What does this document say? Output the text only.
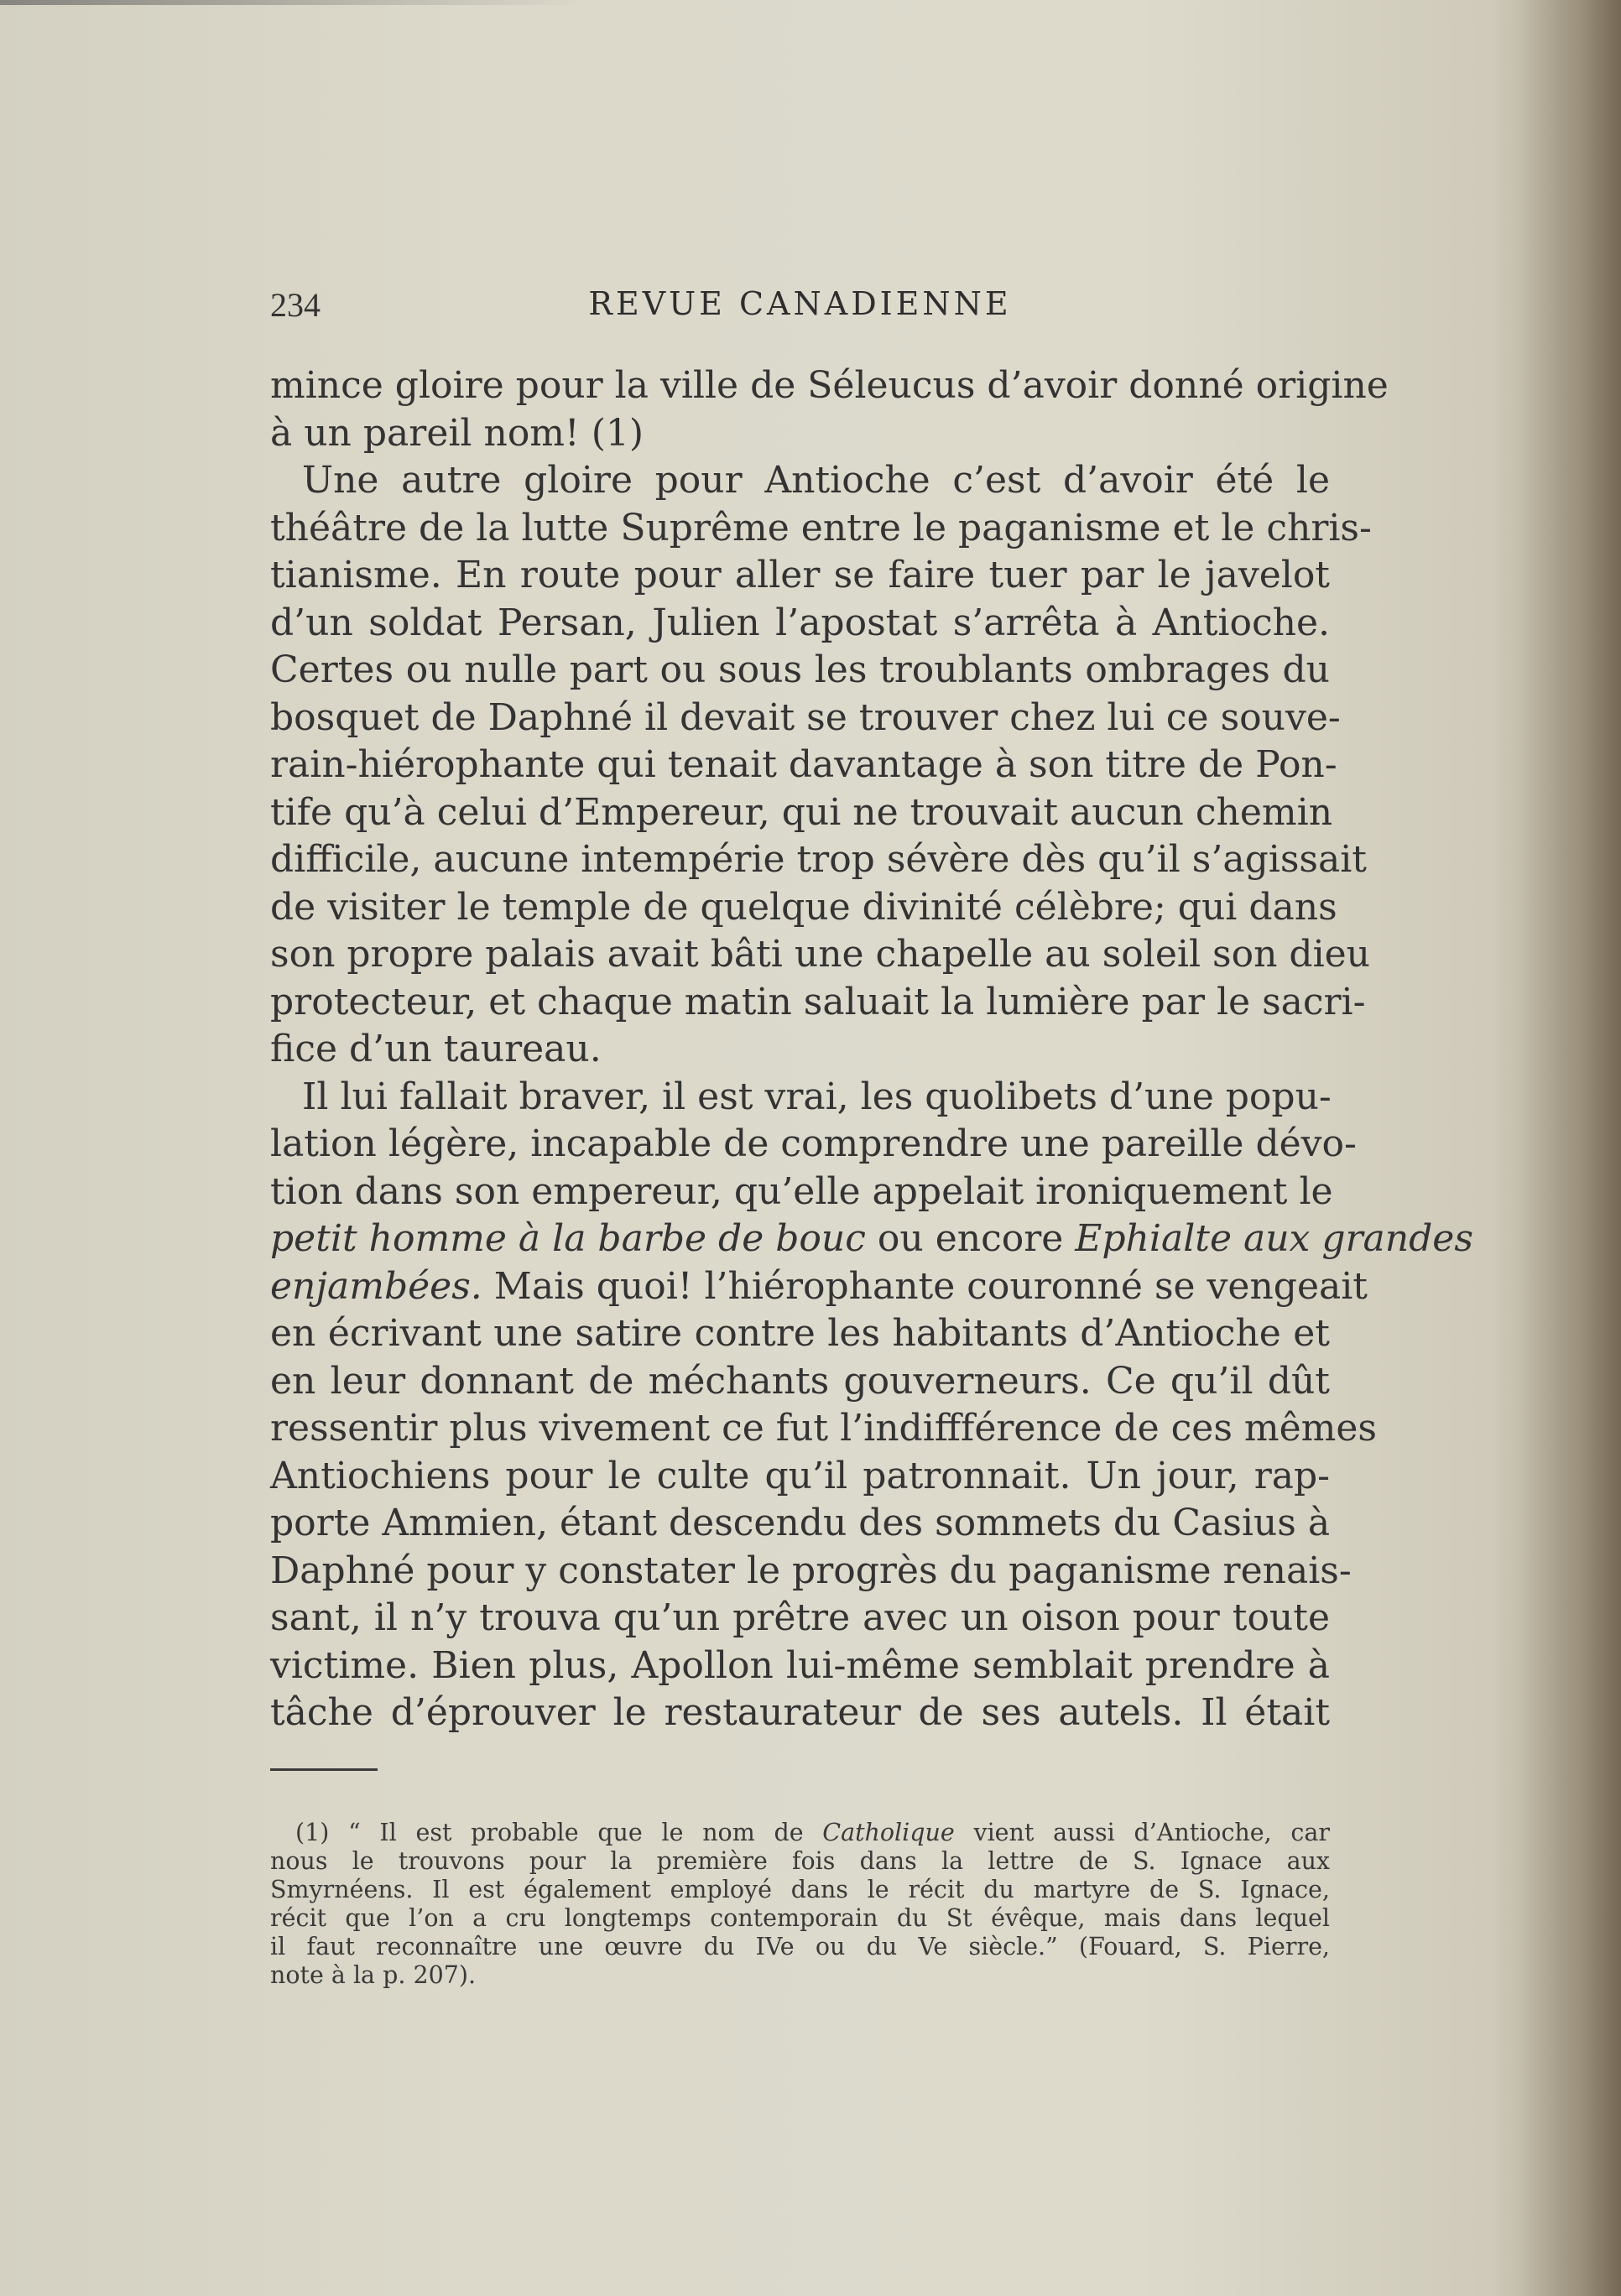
234	REVUE CANADIENNE

mince gloire pour la ville de Séleucus d’avoir donné origine
à un pareil nom! (1)

Une autre gloire pour Antioche c’est d’avoir été le
théâtre de la lutte Suprême entre le paganisme et le chris-
tianisme. En route pour aller se faire tuer par le javelot
d’un soldat Persan, Julien l’apostat s’arrêta à Antioche.
Certes ou nulle part ou sous les troublants ombrages du
bosquet de Daphné il devait se trouver chez lui ce souve-
rain-hiérophante qui tenait davantage à son titre de Pon-
tife qu’à celui d’Empereur, qui ne trouvait aucun chemin
difficile, aucune intempérie trop sévère dès qu’il s’agissait
de visiter le temple de quelque divinité célèbre; qui dans
son propre palais avait bâti une chapelle au soleil son dieu
protecteur, et chaque matin saluait la lumière par le sacri-
fice d’un taureau.

Il lui fallait braver, il est vrai, les quolibets d’une popu-
lation légère, incapable de comprendre une pareille dévo-
tion dans son empereur, qu’elle appelait ironiquement le
petit homme à la barbe de bouc ou encore Ephialte aux grandes
enjambées. Mais quoi! l’hiérophante couronné se vengeait
en écrivant une satire contre les habitants d’Antioche et
en leur donnant de méchants gouverneurs. Ce qu’il dût
ressentir plus vivement ce fut l’indiffférence de ces mêmes
Antiochiens pour le culte qu’il patronnait. Un jour, rap-
porte Ammien, étant descendu des sommets du Casius à
Daphné pour y constater le progrès du paganisme renais-
sant, il n’y trouva qu’un prêtre avec un oison pour toute
victime. Bien plus, Apollon lui-même semblait prendre à
tâche d’éprouver le restaurateur de ses autels. Il était

(1) “ Il est probable que le nom de Catholique vient aussi d’Antioche, car
nous le trouvons pour la première fois dans la lettre de S. Ignace aux
Smyrnéens. Il est également employé dans le récit du martyre de S. Ignace,
récit que l’on a cru longtemps contemporain du St évêque, mais dans lequel
il faut reconnaître une œuvre du IVe ou du Ve siècle.” (Fouard, S. Pierre,
note à la p. 207).
